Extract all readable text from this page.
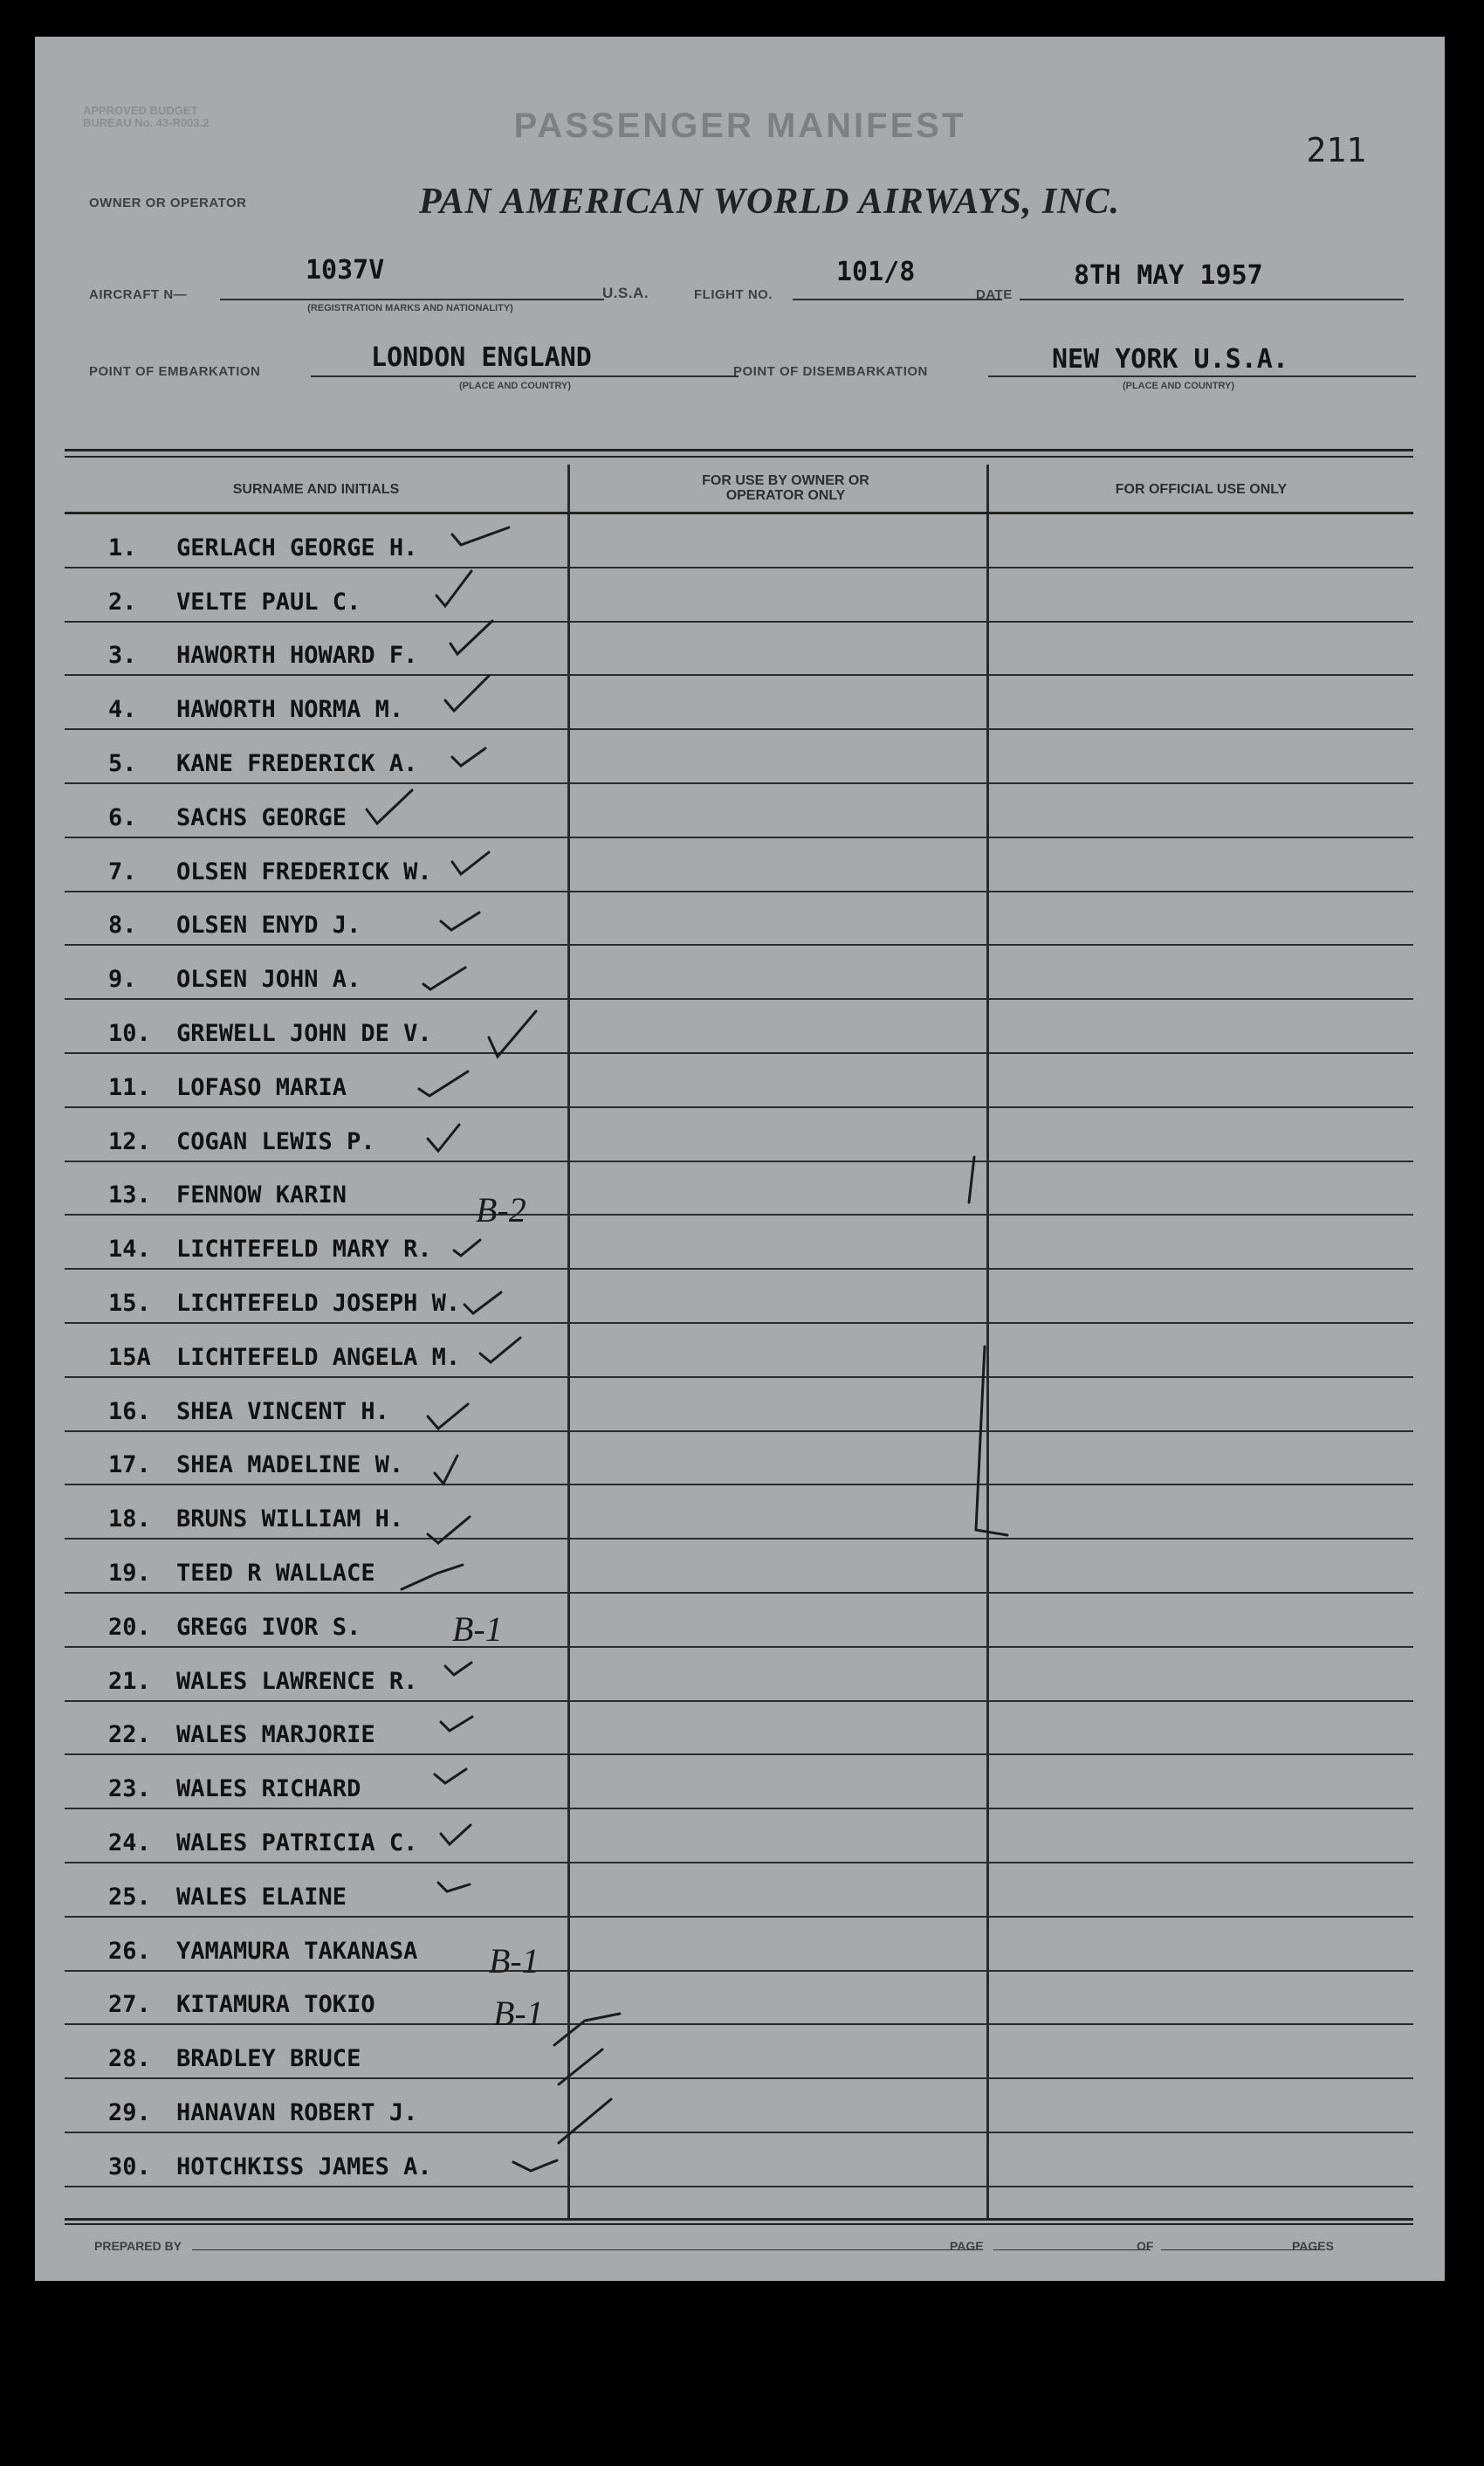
APPROVED BUDGET BUREAU No. 43-R003.2	PASSENGER MANIFEST
211
OWNER OR OPERATOR	PAN AMERICAN WORLD AIRWAYS, INC.
AIRCRAFT N—
1037V
(REGISTRATION MARKS AND NATIONALITY)
U.S.A.	FLIGHT NO.
101/8
DATE
8TH MAY 1957
POINT OF EMBARKATION	LONDON ENGLAND
(PLACE AND COUNTRY)
POINT OF DISEMBARKATION	NEW YORK U.S.A.
(PLACE AND COUNTRY)
SURNAME AND INITIALS
FOR USE BY OWNER OR OPERATOR ONLY	FOR OFFICIAL USE ONLY
1. GERLACH GEORGE H.
2. VELTE PAUL C.
3. HAWORTH HOWARD F.
4. HAWORTH NORMA M.
5. KANE FREDERICK A.
6. SACHS GEORGE
7. OLSEN FREDERICK W.
8. OLSEN ENYD J.
9. OLSEN JOHN A.
10. GREWELL JOHN DE V.
11. LOFASO MARIA
12. COGAN LEWIS P.
13. FENNOW KARIN
14. LICHTEFELD MARY R.
15. LICHTEFELD JOSEPH W.
15A LICHTEFELD ANGELA M.
16. SHEA VINCENT H.
17. SHEA MADELINE W.
18. BRUNS WILLIAM H.
19. TEED R WALLACE
20. GREGG IVOR S.
21. WALES LAWRENCE R.
22. WALES MARJORIE
23. WALES RICHARD
24. WALES PATRICIA C.
25. WALES ELAINE
26. YAMAMURA TAKANASA
27. KITAMURA TOKIO
28. BRADLEY BRUCE
29. HANAVAN ROBERT J.
30. HOTCHKISS JAMES A.
PREPARED BY	PAGE	OF	PAGES
B-2
B-1
B-1
B-1
